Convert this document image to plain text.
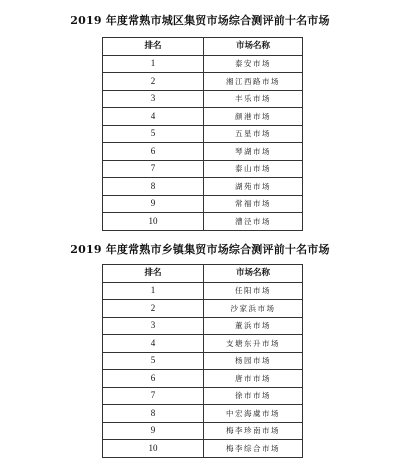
2019 年度常熟市城区集贸市场综合测评前十名市场
排名	市场名称
1	泰安市场
2	湘江西路市场
3	丰乐市场
4	颜港市场
5	五星市场
6	琴湖市场
7	泰山市场
8	湖苑市场
9	常福市场
10	漕泾市场
2019 年度常熟市乡镇集贸市场综合测评前十名市场
排名	市场名称
1	任阳市场
2	沙家浜市场
3	董浜市场
4	支塘东升市场
5	杨园市场
6	唐市市场
7	徐市市场
8	中宏海虞市场
9	梅李珍南市场
10	梅李综合市场
